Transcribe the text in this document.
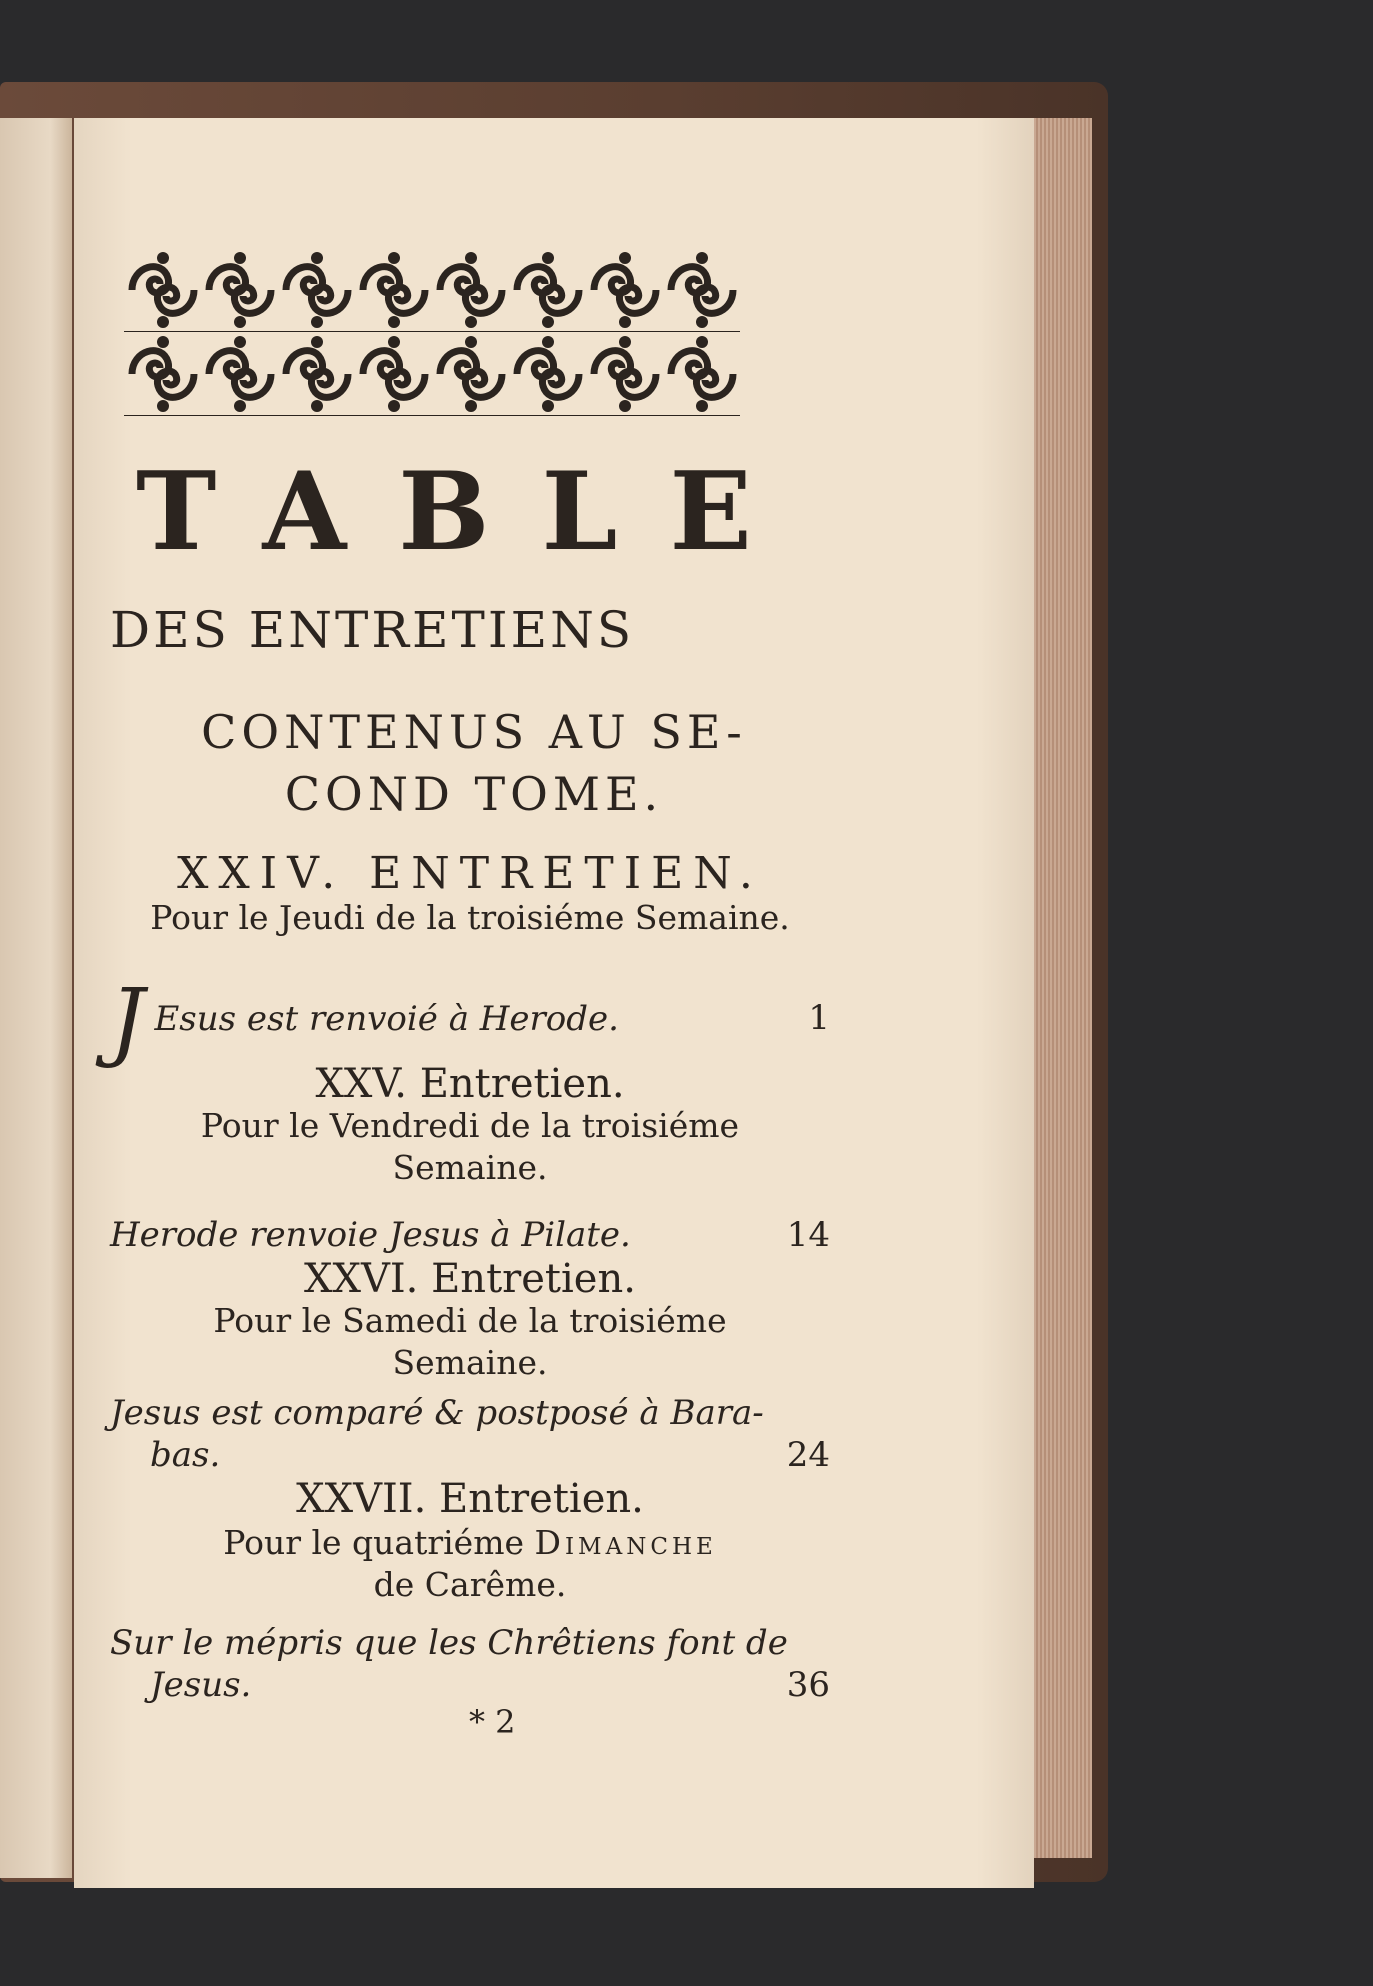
TABLE
DES ENTRETIENS
CONTENUS AU SE-
COND TOME.
XXIV. ENTRETIEN.
Pour le Jeudi de la troisiéme Semaine.
J Esus est renvoié à Herode.	1
XXV. Entretien.
Pour le Vendredi de la troisiéme
Semaine.
Herode renvoie Jesus à Pilate.	14
XXVI. Entretien.
Pour le Samedi de la troisiéme
Semaine.
Jesus est comparé & postposé à Bara-
bas.	24
XXVII. Entretien.
Pour le quatriéme Dimanche
de Carême.
Sur le mépris que les Chrêtiens font de
Jesus.	36
* 2
